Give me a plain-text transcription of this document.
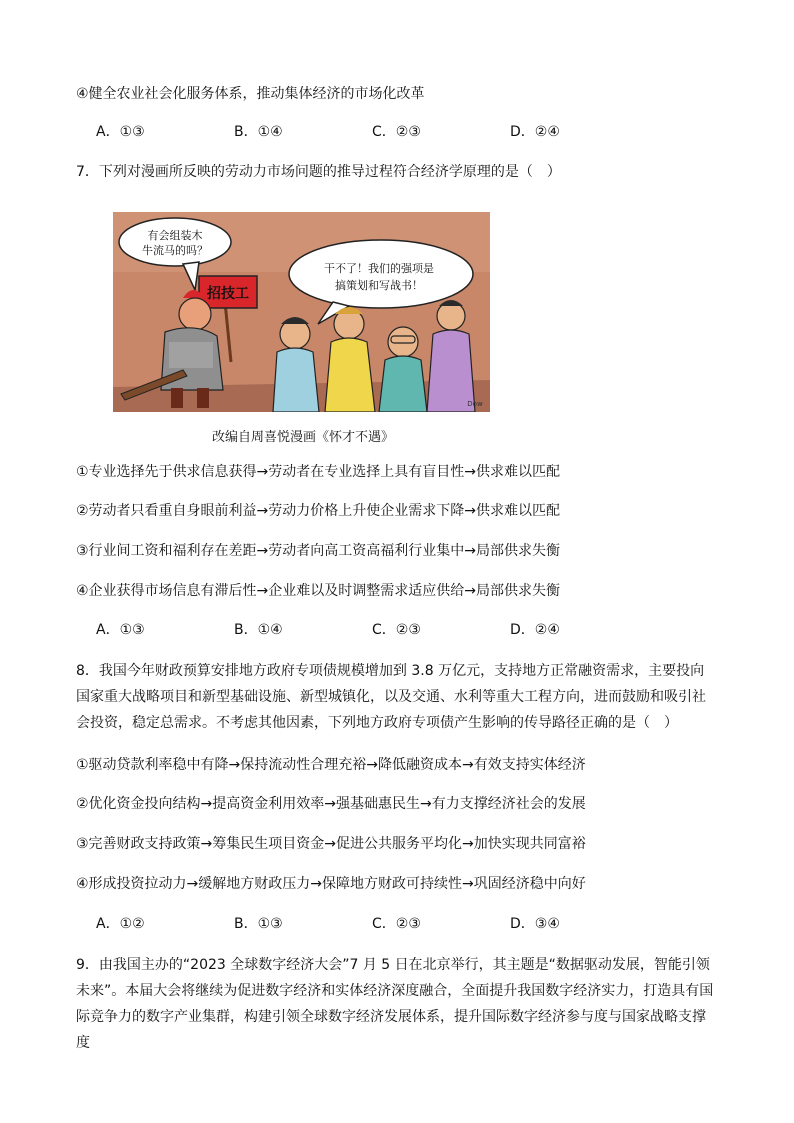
④健全农业社会化服务体系，推动集体经济的市场化改革
A．①③	B．①④	C．②③	D．②④
7．下列对漫画所反映的劳动力市场问题的推导过程符合经济学原理的是（　）
有会组装木
牛流马的吗？
干不了！我们的强项是
搞策划和写战书！
招技工
Dow
改编自周喜悦漫画《怀才不遇》
①专业选择先于供求信息获得→劳动者在专业选择上具有盲目性→供求难以匹配
②劳动者只看重自身眼前利益→劳动力价格上升使企业需求下降→供求难以匹配
③行业间工资和福利存在差距→劳动者向高工资高福利行业集中→局部供求失衡
④企业获得市场信息有滞后性→企业难以及时调整需求适应供给→局部供求失衡
A．①③	B．①④	C．②③	D．②④
8．我国今年财政预算安排地方政府专项债规模增加到 3.8 万亿元，支持地方正常融资需求，主要投向国家重大战略项目和新型基础设施、新型城镇化，以及交通、水利等重大工程方向，进而鼓励和吸引社会投资，稳定总需求。不考虑其他因素，下列地方政府专项债产生影响的传导路径正确的是（　）
①驱动贷款利率稳中有降→保持流动性合理充裕→降低融资成本→有效支持实体经济
②优化资金投向结构→提高资金利用效率→强基础惠民生→有力支撑经济社会的发展
③完善财政支持政策→筹集民生项目资金→促进公共服务平均化→加快实现共同富裕
④形成投资拉动力→缓解地方财政压力→保障地方财政可持续性→巩固经济稳中向好
A．①②	B．①③	C．②③	D．③④
9．由我国主办的“2023 全球数字经济大会”7 月 5 日在北京举行，其主题是“数据驱动发展，智能引领未来”。本届大会将继续为促进数字经济和实体经济深度融合，全面提升我国数字经济实力，打造具有国际竞争力的数字产业集群，构建引领全球数字经济发展体系，提升国际数字经济参与度与国家战略支撑度
